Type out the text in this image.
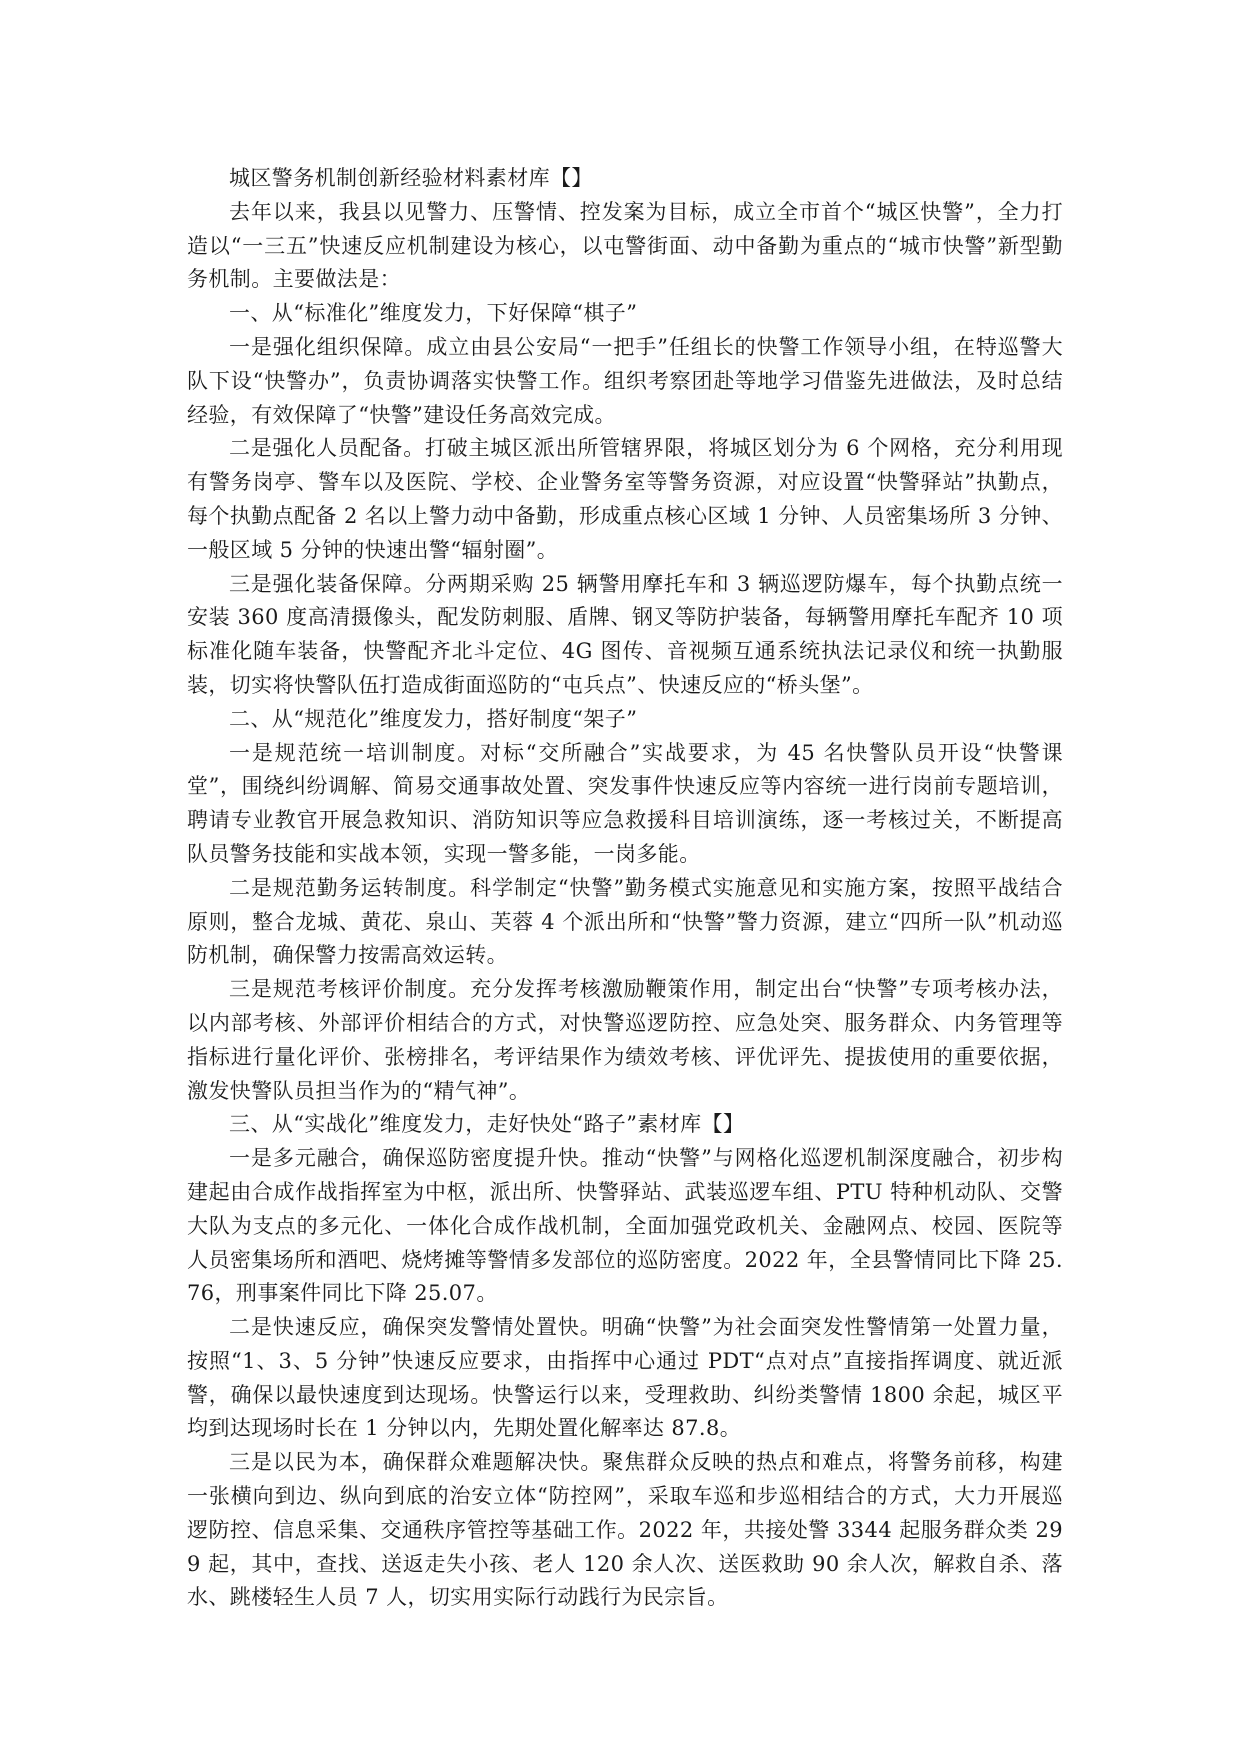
城区警务机制创新经验材料素材库【】

去年以来，我县以见警力、压警情、控发案为目标，成立全市首个“城区快警”，全力打造以“一三五”快速反应机制建设为核心，以屯警街面、动中备勤为重点的“城市快警”新型勤务机制。主要做法是：

一、从“标准化”维度发力，下好保障“棋子”

一是强化组织保障。成立由县公安局“一把手”任组长的快警工作领导小组，在特巡警大队下设“快警办”，负责协调落实快警工作。组织考察团赴等地学习借鉴先进做法，及时总结经验，有效保障了“快警”建设任务高效完成。

二是强化人员配备。打破主城区派出所管辖界限，将城区划分为 6 个网格，充分利用现有警务岗亭、警车以及医院、学校、企业警务室等警务资源，对应设置“快警驿站”执勤点，每个执勤点配备 2 名以上警力动中备勤，形成重点核心区域 1 分钟、人员密集场所 3 分钟、一般区域 5 分钟的快速出警“辐射圈”。

三是强化装备保障。分两期采购 25 辆警用摩托车和 3 辆巡逻防爆车，每个执勤点统一安装 360 度高清摄像头，配发防刺服、盾牌、钢叉等防护装备，每辆警用摩托车配齐 10 项标准化随车装备，快警配齐北斗定位、4G 图传、音视频互通系统执法记录仪和统一执勤服装，切实将快警队伍打造成街面巡防的“屯兵点”、快速反应的“桥头堡”。

二、从“规范化”维度发力，搭好制度“架子”

一是规范统一培训制度。对标“交所融合”实战要求，为 45 名快警队员开设“快警课堂”，围绕纠纷调解、简易交通事故处置、突发事件快速反应等内容统一进行岗前专题培训，聘请专业教官开展急救知识、消防知识等应急救援科目培训演练，逐一考核过关，不断提高队员警务技能和实战本领，实现一警多能，一岗多能。

二是规范勤务运转制度。科学制定“快警”勤务模式实施意见和实施方案，按照平战结合原则，整合龙城、黄花、泉山、芙蓉 4 个派出所和“快警”警力资源，建立“四所一队”机动巡防机制，确保警力按需高效运转。

三是规范考核评价制度。充分发挥考核激励鞭策作用，制定出台“快警”专项考核办法，以内部考核、外部评价相结合的方式，对快警巡逻防控、应急处突、服务群众、内务管理等指标进行量化评价、张榜排名，考评结果作为绩效考核、评优评先、提拔使用的重要依据，激发快警队员担当作为的“精气神”。

三、从“实战化”维度发力，走好快处“路子”素材库【】

一是多元融合，确保巡防密度提升快。推动“快警”与网格化巡逻机制深度融合，初步构建起由合成作战指挥室为中枢，派出所、快警驿站、武装巡逻车组、PTU 特种机动队、交警大队为支点的多元化、一体化合成作战机制，全面加强党政机关、金融网点、校园、医院等人员密集场所和酒吧、烧烤摊等警情多发部位的巡防密度。2022 年，全县警情同比下降 25.76，刑事案件同比下降 25.07。

二是快速反应，确保突发警情处置快。明确“快警”为社会面突发性警情第一处置力量，按照“1、3、5 分钟”快速反应要求，由指挥中心通过 PDT“点对点”直接指挥调度、就近派警，确保以最快速度到达现场。快警运行以来，受理救助、纠纷类警情 1800 余起，城区平均到达现场时长在 1 分钟以内，先期处置化解率达 87.8。

三是以民为本，确保群众难题解决快。聚焦群众反映的热点和难点，将警务前移，构建一张横向到边、纵向到底的治安立体“防控网”，采取车巡和步巡相结合的方式，大力开展巡逻防控、信息采集、交通秩序管控等基础工作。2022 年，共接处警 3344 起服务群众类 299 起，其中，查找、送返走失小孩、老人 120 余人次、送医救助 90 余人次，解救自杀、落水、跳楼轻生人员 7 人，切实用实际行动践行为民宗旨。
